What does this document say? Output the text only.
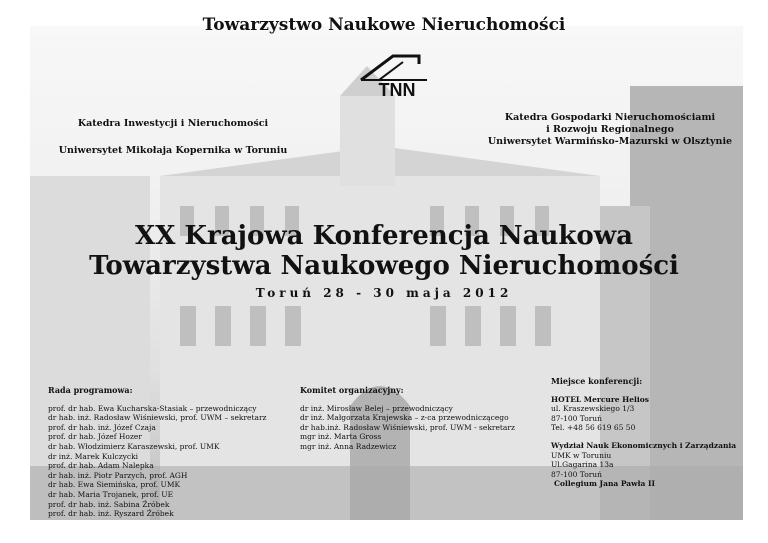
Towarzystwo Naukowe Nieruchomości
TNN
Katedra Inwestycji i Nieruchomości
Uniwersytet Mikołaja Kopernika w Toruniu
Katedra Gospodarki Nieruchomościami
i Rozwoju Regionalnego
Uniwersytet Warmińsko-Mazurski w Olsztynie
XX Krajowa Konferencja Naukowa
Towarzystwa Naukowego Nieruchomości
Toruń 28 - 30 maja 2012
Rada programowa:
prof. dr hab. Ewa Kucharska-Stasiak – przewodniczący
dr hab. inż. Radosław Wiśniewski, prof. UWM – sekretarz
prof. dr hab. inż. Józef Czaja
prof. dr hab. Józef Hozer
dr hab. Włodzimierz Karaszewski, prof. UMK
dr inż. Marek Kulczycki
prof. dr hab. Adam Nalepka
dr hab. inż. Piotr Parzych, prof. AGH
dr hab. Ewa Siemińska, prof. UMK
dr hab. Maria Trojanek, prof. UE
prof. dr hab. inż. Sabina Źróbek
prof. dr hab. inż. Ryszard Źróbek
Komitet organizacyjny:
dr inż. Mirosław Belej – przewodniczący
dr inż. Małgorzata Krajewska – z-ca przewodniczącego
dr hab.inż. Radosław Wiśniewski, prof. UWM - sekretarz
mgr inż. Marta Gross
mgr inż. Anna Radzewicz
Miejsce konferencji:
HOTEL Mercure Helios
ul. Kraszewskiego 1/3
87-100 Toruń
Tel. +48 56 619 65 50
Wydział Nauk Ekonomicznych i Zarządzania
UMK w Toruniu
Ul.Gagarina 13a
87-100 Toruń
Collegium Jana Pawła II
